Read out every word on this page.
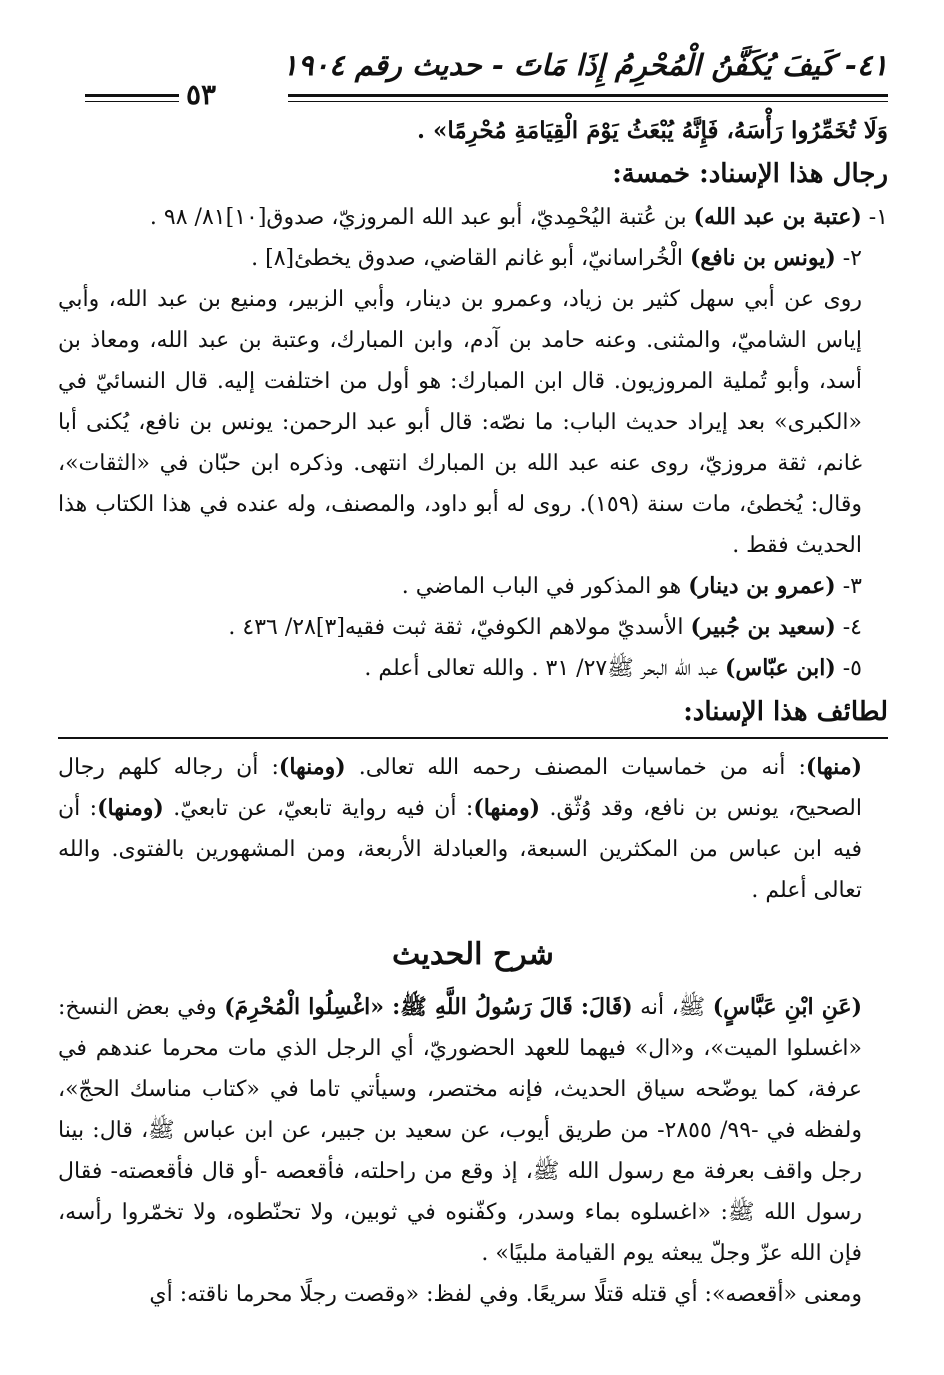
٤١- كَيفَ يُكَفَّنُ الْمُحْرِمُ إِذَا مَاتَ - حديث رقم ١٩٠٤
٥٣

وَلَا تُخَمِّرُوا رَأْسَهُ، فَإِنَّهُ يُبْعَثُ يَوْمَ الْقِيَامَةِ مُحْرِمًا» .

رجال هذا الإسناد: خمسة:

١- (عتبة بن عبد الله) بن عُتبة اليُحْمِديّ، أبو عبد الله المروزيّ، صدوق[١٠]٨١/ ٩٨ .

٢- (يونس بن نافع) الْخُراسانيّ، أبو غانم القاضي، صدوق يخطئ[٨] .

روى عن أبي سهل كثير بن زياد، وعمرو بن دينار، وأبي الزبير، ومنيع بن عبد الله، وأبي إياس الشاميّ، والمثنى. وعنه حامد بن آدم، وابن المبارك، وعتبة بن عبد الله، ومعاذ بن أسد، وأبو تُملية المروزيون. قال ابن المبارك: هو أول من اختلفت إليه. قال النسائيّ في «الكبرى» بعد إيراد حديث الباب: ما نصّه: قال أبو عبد الرحمن: يونس بن نافع، يُكنى أبا غانم، ثقة مروزيّ، روى عنه عبد الله بن المبارك انتهى. وذكره ابن حبّان في «الثقات»، وقال: يُخطئ، مات سنة (١٥٩). روى له أبو داود، والمصنف، وله عنده في هذا الكتاب هذا الحديث فقط .

٣- (عمرو بن دينار) هو المذكور في الباب الماضي .

٤- (سعيد بن جُبير) الأسديّ مولاهم الكوفيّ، ثقة ثبت فقيه[٣]٢٨/ ٤٣٦ .

٥- (ابن عبّاس) عبد الله البحر ﷺ٢٧/ ٣١ . والله تعالى أعلم .

لطائف هذا الإسناد:

(منها): أنه من خماسيات المصنف رحمه الله تعالى. (ومنها): أن رجاله كلهم رجال الصحيح، يونس بن نافع، وقد وُثّق. (ومنها): أن فيه رواية تابعيّ، عن تابعيّ. (ومنها): أن فيه ابن عباس من المكثرين السبعة، والعبادلة الأربعة، ومن المشهورين بالفتوى. والله تعالى أعلم .

شرح الحديث

(عَنِ ابْنِ عَبَّاسٍ) ﷺ، أنه (قَالَ: قَالَ رَسُولُ اللَّهِ ﷺ: «اغْسِلُوا الْمُحْرِمَ) وفي بعض النسخ: «اغسلوا الميت»، و«ال» فيهما للعهد الحضوريّ، أي الرجل الذي مات محرما عندهم في عرفة، كما يوضّحه سياق الحديث، فإنه مختصر، وسيأتي تاما في «كتاب مناسك الحجّ»، ولفظه في -٩٩/ ٢٨٥٥- من طريق أيوب، عن سعيد بن جبير، عن ابن عباس ﷺ، قال: بينا رجل واقف بعرفة مع رسول الله ﷺ، إذ وقع من راحلته، فأقعصه -أو قال فأقعصته- فقال رسول الله ﷺ: «اغسلوه بماء وسدر، وكفّنوه في ثوبين، ولا تحنّطوه، ولا تخمّروا رأسه، فإن الله عزّ وجلّ يبعثه يوم القيامة ملبيًا» .

ومعنى «أقعصه»: أي قتله قتلًا سريعًا. وفي لفظ: «وقصت رجلًا محرما ناقته: أي
